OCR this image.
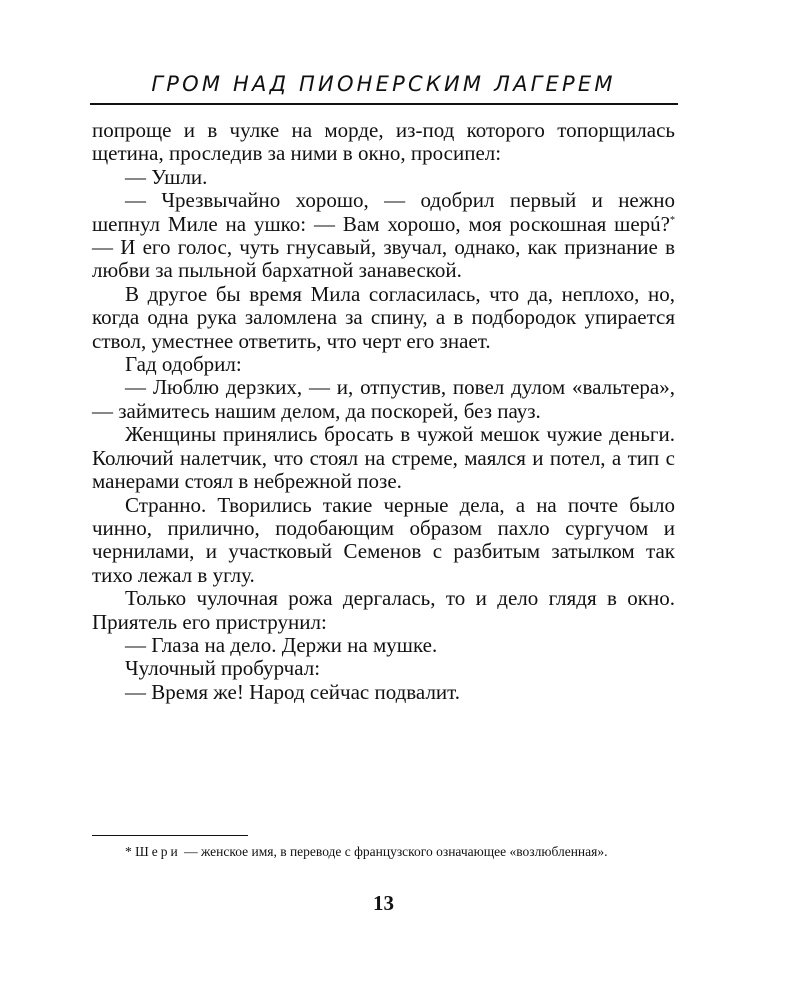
ГРОМ НАД ПИОНЕРСКИМ ЛАГЕРЕМ

попроще и в чулке на морде, из-под которого топорщилась щетина, проследив за ними в окно, просипел:

— Ушли.

— Чрезвычайно хорошо, — одобрил первый и нежно шепнул Миле на ушко: — Вам хорошо, моя роскошная шерú?* — И его голос, чуть гнусавый, звучал, однако, как признание в любви за пыльной бархатной занавеской.

В другое бы время Мила согласилась, что да, неплохо, но, когда одна рука заломлена за спину, а в подбородок упирается ствол, уместнее ответить, что черт его знает.

Гад одобрил:

— Люблю дерзких, — и, отпустив, повел дулом «вальтера», — займитесь нашим делом, да поскорей, без пауз.

Женщины принялись бросать в чужой мешок чужие деньги. Колючий налетчик, что стоял на стреме, маялся и потел, а тип с манерами стоял в небрежной позе.

Странно. Творились такие черные дела, а на почте было чинно, прилично, подобающим образом пахло сургучом и чернилами, и участковый Семенов с разбитым затылком так тихо лежал в углу.

Только чулочная рожа дергалась, то и дело глядя в окно. Приятель его приструнил:

— Глаза на дело. Держи на мушке.

Чулочный пробурчал:

— Время же! Народ сейчас подвалит.

* Шери — женское имя, в переводе с французского означающее «возлюбленная».
13
